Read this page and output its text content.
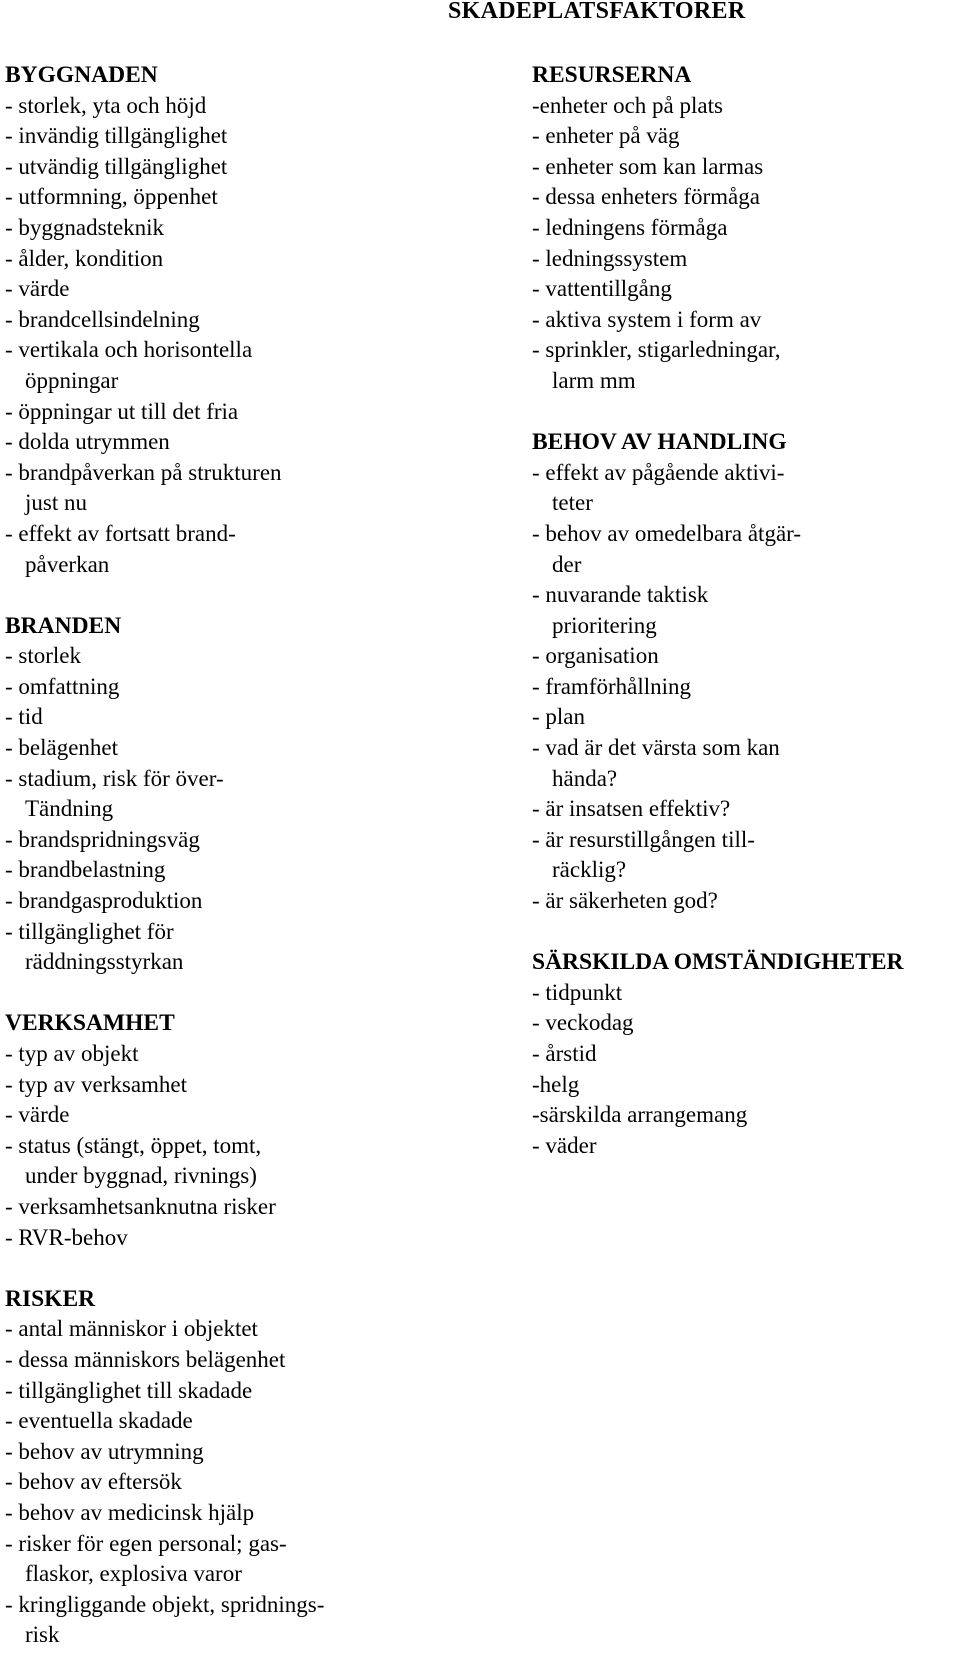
SKADEPLATSFAKTORER
BYGGNADEN
- storlek, yta och höjd
- invändig tillgänglighet
- utvändig tillgänglighet
- utformning, öppenhet
- byggnadsteknik
- ålder, kondition
- värde
- brandcellsindelning
- vertikala och horisontella
öppningar
- öppningar ut till det fria
- dolda utrymmen
- brandpåverkan på strukturen
just nu
- effekt av fortsatt brand-
påverkan
BRANDEN
- storlek
- omfattning
- tid
- belägenhet
- stadium, risk för över-
Tändning
- brandspridningsväg
- brandbelastning
- brandgasproduktion
- tillgänglighet för
räddningsstyrkan
VERKSAMHET
- typ av objekt
- typ av verksamhet
- värde
- status (stängt, öppet, tomt,
under byggnad, rivnings)
- verksamhetsanknutna risker
- RVR-behov
RISKER
- antal människor i objektet
- dessa människors belägenhet
- tillgänglighet till skadade
- eventuella skadade
- behov av utrymning
- behov av eftersök
- behov av medicinsk hjälp
- risker för egen personal; gas-
flaskor, explosiva varor
- kringliggande objekt, spridnings-
risk
RESURSERNA
-enheter och på plats
- enheter på väg
- enheter som kan larmas
- dessa enheters förmåga
- ledningens förmåga
- ledningssystem
- vattentillgång
- aktiva system i form av
- sprinkler, stigarledningar,
larm mm
BEHOV AV HANDLING
- effekt av pågående aktivi-
teter
- behov av omedelbara åtgär-
der
- nuvarande taktisk
prioritering
- organisation
- framförhållning
- plan
- vad är det värsta som kan
hända?
- är insatsen effektiv?
- är resurstillgången till-
räcklig?
- är säkerheten god?
SÄRSKILDA OMSTÄNDIGHETER
- tidpunkt
- veckodag
- årstid
-helg
-särskilda arrangemang
- väder
